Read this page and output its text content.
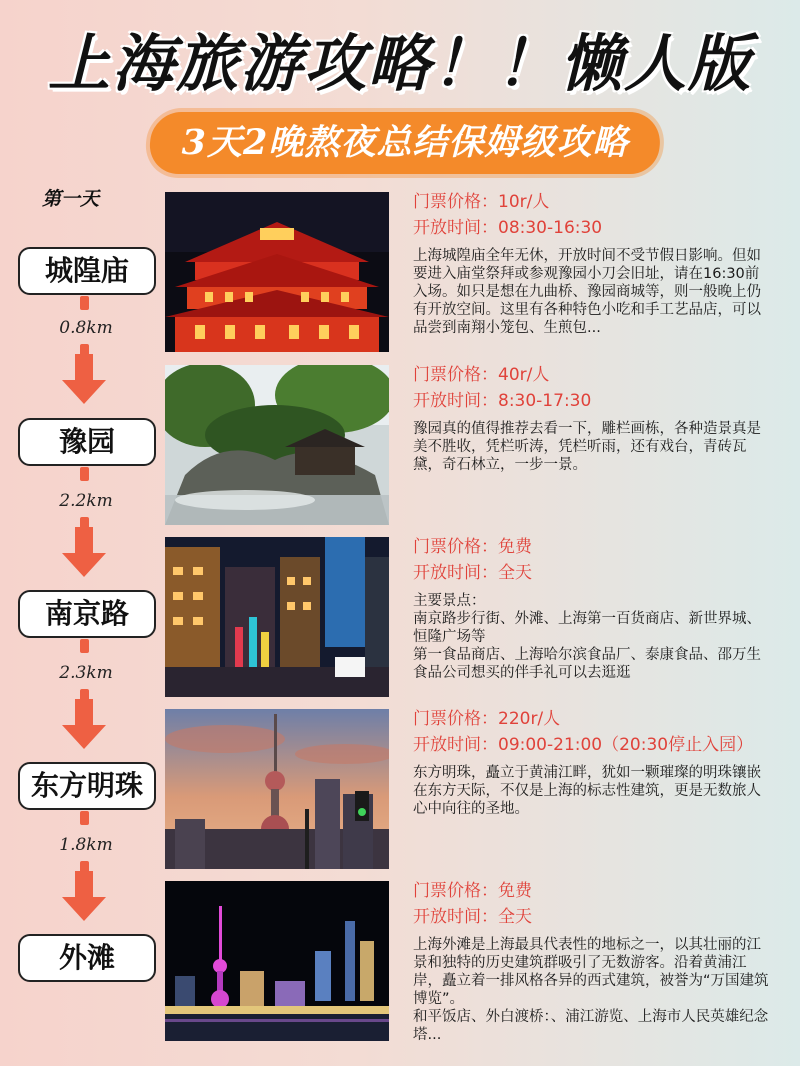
上海旅游攻略！！懒人版
3天2晚熬夜总结保姆级攻略
第一天
城隍庙
豫园
南京路
东方明珠
外滩
0.8km
2.2km
2.3km
1.8km
门票价格：10r/人
开放时间：08:30-16:30
上海城隍庙全年无休，开放时间不受节假日影响。但如要进入庙堂祭拜或参观豫园小刀会旧址，请在16:30前入场。如只是想在九曲桥、豫园商城等，则一般晚上仍有开放空间。这里有各种特色小吃和手工艺品店，可以品尝到南翔小笼包、生煎包...
门票价格：40r/人
开放时间：8:30-17:30
豫园真的值得推荐去看一下，雕栏画栋，各种造景真是美不胜收，凭栏听涛，凭栏听雨，还有戏台，青砖瓦黛，奇石林立，一步一景。
门票价格：免费
开放时间：全天
主要景点：
南京路步行街、外滩、上海第一百货商店、新世界城、恒隆广场等
第一食品商店、上海哈尔滨食品厂、泰康食品、邵万生食品公司想买的伴手礼可以去逛逛
门票价格：220r/人
开放时间：09:00-21:00（20:30停止入园）
东方明珠，矗立于黄浦江畔，犹如一颗璀璨的明珠镶嵌在东方天际，不仅是上海的标志性建筑，更是无数旅人心中向往的圣地。
门票价格：免费
开放时间：全天
上海外滩是上海最具代表性的地标之一，以其壮丽的江景和独特的历史建筑群吸引了无数游客。沿着黄浦江岸，矗立着一排风格各异的西式建筑，被誉为“万国建筑博览”。
和平饭店、外白渡桥：、浦江游览、上海市人民英雄纪念塔...
